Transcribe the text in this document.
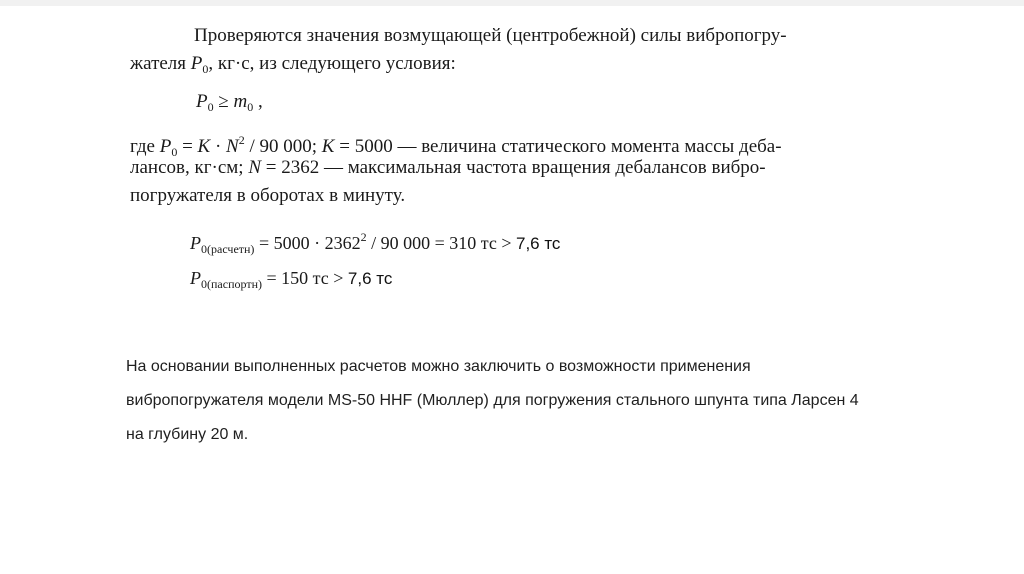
Проверяются значения возмущающей (центробежной) силы вибропогру-
жателя $P_0$, кг·с, из следующего условия:
$P_0 \ge m_0$ ,
где $P_0 = K \cdot N^2 / 90$ 000; K = 5000 — величина статического момента массы деба-
лансов, кг·см; N = 2362 — максимальная частота вращения дебалансов вибро-
погружателя в оборотах в минуту.
$P_{0(расчетн)} = 5000 \cdot 2362^2 / 90$ 000 = 310 тс > 7,6 тс
$P_{0(паспортн)} = 150$ тс > 7,6 тс

На основании выполненных расчетов можно заключить о возможности применения

вибропогружателя модели MS-50 HHF (Мюллер) для погружения стального шпунта типа Ларсен 4

на глубину 20 м.
